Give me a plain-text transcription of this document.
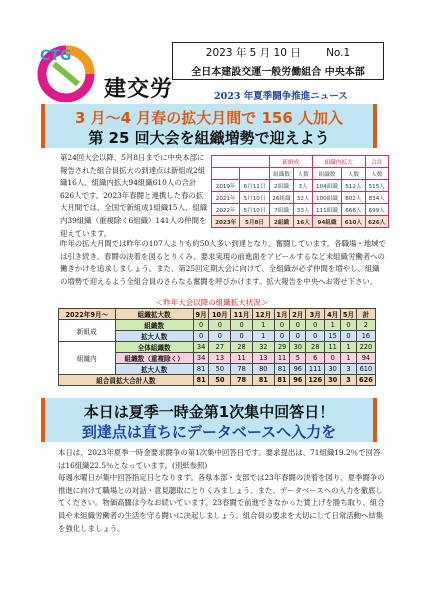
CTG
建交労
2023 年 5 月 10 日 No.1
全日本建設交運一般労働組合 中央本部
2023 年夏季闘争推進ニュース
3 月～4 月春の拡大月間で 156 人加入
第 25 回大会を組織増勢で迎えよう
第24回大会以降、5月8日までに中央本部に報告された組合員拡大の到達点は新組成2組織16人、組織内拡大94組織610人の合計626人です。2023年春闘と連携した春の拡大月間では、全国で新組成1組織15人、組織内39組織（重複除く6組織）141人の仲間を迎えています。
		新組成		組織内拡大		合計
		組織数	人数	組織数	人数	人数
2019年	6月11日	2組織	3人	104組織	512人	515人
2021年	5月10日	26組織	32人	100組織	802人	834人
2022年	5月10日	7組織	33人	111組織	666人	699人
2023年	5月8日	2組織	16人	94組織	610人	626人
昨年の拡大月間では昨年の107人よりも約50人多い到達となり、奮闘しています。各職場・地域では引き続き、春闘の決着を図るとりくみ、要求実現の前進面をアピールするなど未組織労働者への働きかけを追求しましょう。また、第25回定期大会に向けて、全組織が必ず仲間を増やし、組織の増勢で迎えるよう全組合員のさらなる奮闘を呼びかけます。拡大報告を中央へお寄せ下さい。
＜昨年大会以降の組織拡大状況＞
2022年9月～	組織拡大数	9月	10月	11月	12月	1月	2月	3月	4月	5月	計
新組成	組織数	0	0	0	1	0	0	0	1	0	2
	拡大人数	0	0	0	1	0	0	0	15	0	16
組織内	全体組織数	34	27	28	32	29	30	28	11	1	220
	組織数（重複除く）	34	13	11	13	11	5	6	0	1	94
	拡大人数	81	50	78	80	81	96	111	30	3	610
組合員拡大合計人数		81	50	78	81	81	96	126	30	3	626
本日は夏季一時金第1次集中回答日！
到達点は直ちにデータベースへ入力を
本日は、2023年夏季一時金要求闘争の第1次集中回答日です。要求提出は、71組織19.2％で回答は16組織22.5％となっています。(別紙参照)
毎週水曜日が集中回答指定日となります。各県本部・支部では23年春闘の決着を図り、夏季闘争の推進に向けて職場との対話・意見聴取にとりくみましょう。また、データベースへの入力を徹底してください。物価高騰は今なお続いています。23春闘で前進できなかった賃上げを勝ち取り、組合員や未組織労働者の生活を守る闘いに決起しましょう。組合員の要求を大切にして日常活動へ結集を強化しましょう。
